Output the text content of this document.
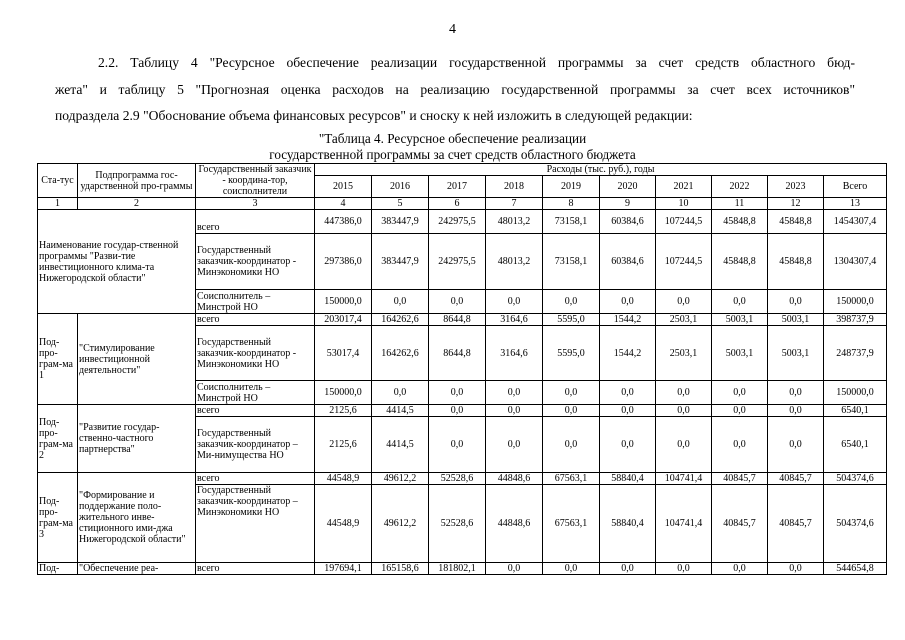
4

2.2. Таблицу 4 "Ресурсное обеспечение реализации государственной программы за счет средств областного бюд-

жета" и таблицу 5 "Прогнозная оценка расходов на реализацию государственной программы за счет всех источников"

подраздела 2.9 "Обоснование объема финансовых ресурсов" и сноску к ней изложить в следующей редакции:

"Таблица 4. Ресурсное обеспечение реализации
государственной программы за счет средств областного бюджета
Ста-тус	Подпрограмма гос-ударственной про-граммы	Государственный заказчик - координа-тор, соисполнители	Расходы (тыс. руб.), годы									
			2015	2016	2017	2018	2019	2020	2021	2022	2023	Всего
1	2	3	4	5	6	7	8	9	10	11	12	13
Наименование государ-ственной программы "Разви-тие инвестиционного клима-та Нижегородской области"		всего	447386,0	383447,9	242975,5	48013,2	73158,1	60384,6	107244,5	45848,8	45848,8	1454307,4
		Государственный заказчик-координатор - Минэкономики НО	297386,0	383447,9	242975,5	48013,2	73158,1	60384,6	107244,5	45848,8	45848,8	1304307,4
		Соисполнитель – Минстрой НО	150000,0	0,0	0,0	0,0	0,0	0,0	0,0	0,0	0,0	150000,0
Под-про-грам-ма 1	"Стимулирование инвестиционной деятельности"	всего	203017,4	164262,6	8644,8	3164,6	5595,0	1544,2	2503,1	5003,1	5003,1	398737,9
		Государственный заказчик-координатор - Минэкономики НО	53017,4	164262,6	8644,8	3164,6	5595,0	1544,2	2503,1	5003,1	5003,1	248737,9
		Соисполнитель – Минстрой НО	150000,0	0,0	0,0	0,0	0,0	0,0	0,0	0,0	0,0	150000,0
Под-про-грам-ма 2	"Развитие государ-ственно-частного партнерства"	всего	2125,6	4414,5	0,0	0,0	0,0	0,0	0,0	0,0	0,0	6540,1
		Государственный заказчик-координатор – Ми-нимущества НО	2125,6	4414,5	0,0	0,0	0,0	0,0	0,0	0,0	0,0	6540,1
Под-про-грам-ма 3	"Формирование и поддержание поло-жительного инве-стиционного ими-джа Нижегородской области"	всего	44548,9	49612,2	52528,6	44848,6	67563,1	58840,4	104741,4	40845,7	40845,7	504374,6
		Государственный заказчик-координатор – Минэкономики НО	44548,9	49612,2	52528,6	44848,6	67563,1	58840,4	104741,4	40845,7	40845,7	504374,6
Под-	"Обеспечение реа-	всего	197694,1	165158,6	181802,1	0,0	0,0	0,0	0,0	0,0	0,0	544654,8
